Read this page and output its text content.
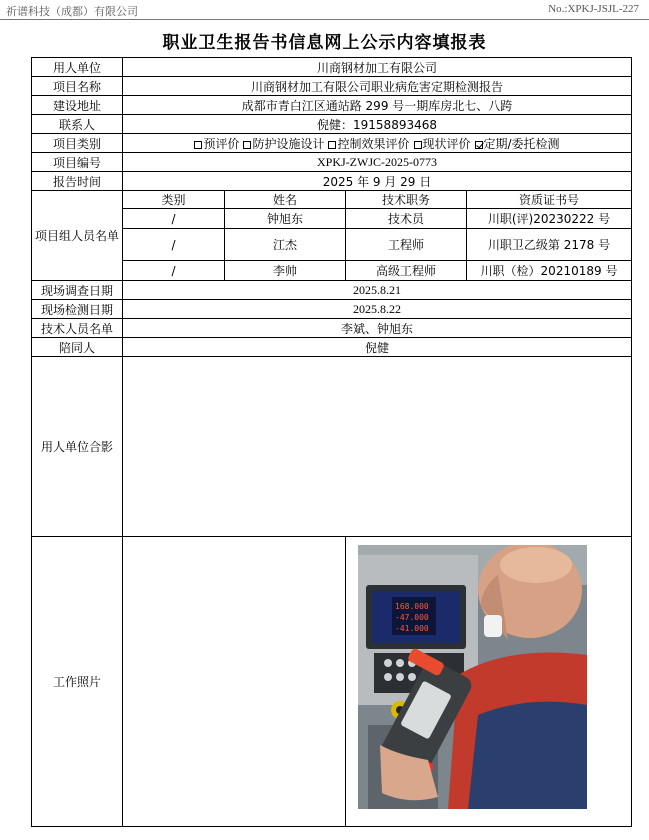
祈谱科技（成都）有限公司	No.:XPKJ-JSJL-227
职业卫生报告书信息网上公示内容填报表
用人单位	川商钢材加工有限公司			
项目名称	川商钢材加工有限公司职业病危害定期检测报告			
建设地址	成都市青白江区通站路 299 号一期库房北七、八跨			
联系人	倪健：19158893468			
项目类别	预评价 防护设施设计 控制效果评价 现状评价 定期/委托检测			
项目编号	XPKJ-ZWJC-2025-0773			
报告时间	2025 年 9 月 29 日			
项目组人员名单	类别	姓名	技术职务	资质证书号
	/	钟旭东	技术员	川职(评)20230222 号
	/	江杰	工程师	川职卫乙级第 2178 号
	/	李帅	高级工程师	川职（检）20210189 号
现场调查日期	2025.8.21			
现场检测日期	2025.8.22			
技术人员名单	李斌、钟旭东			
陪同人	倪健			
用人单位合影				
工作照片			168.000
-47.000
-41.000	
